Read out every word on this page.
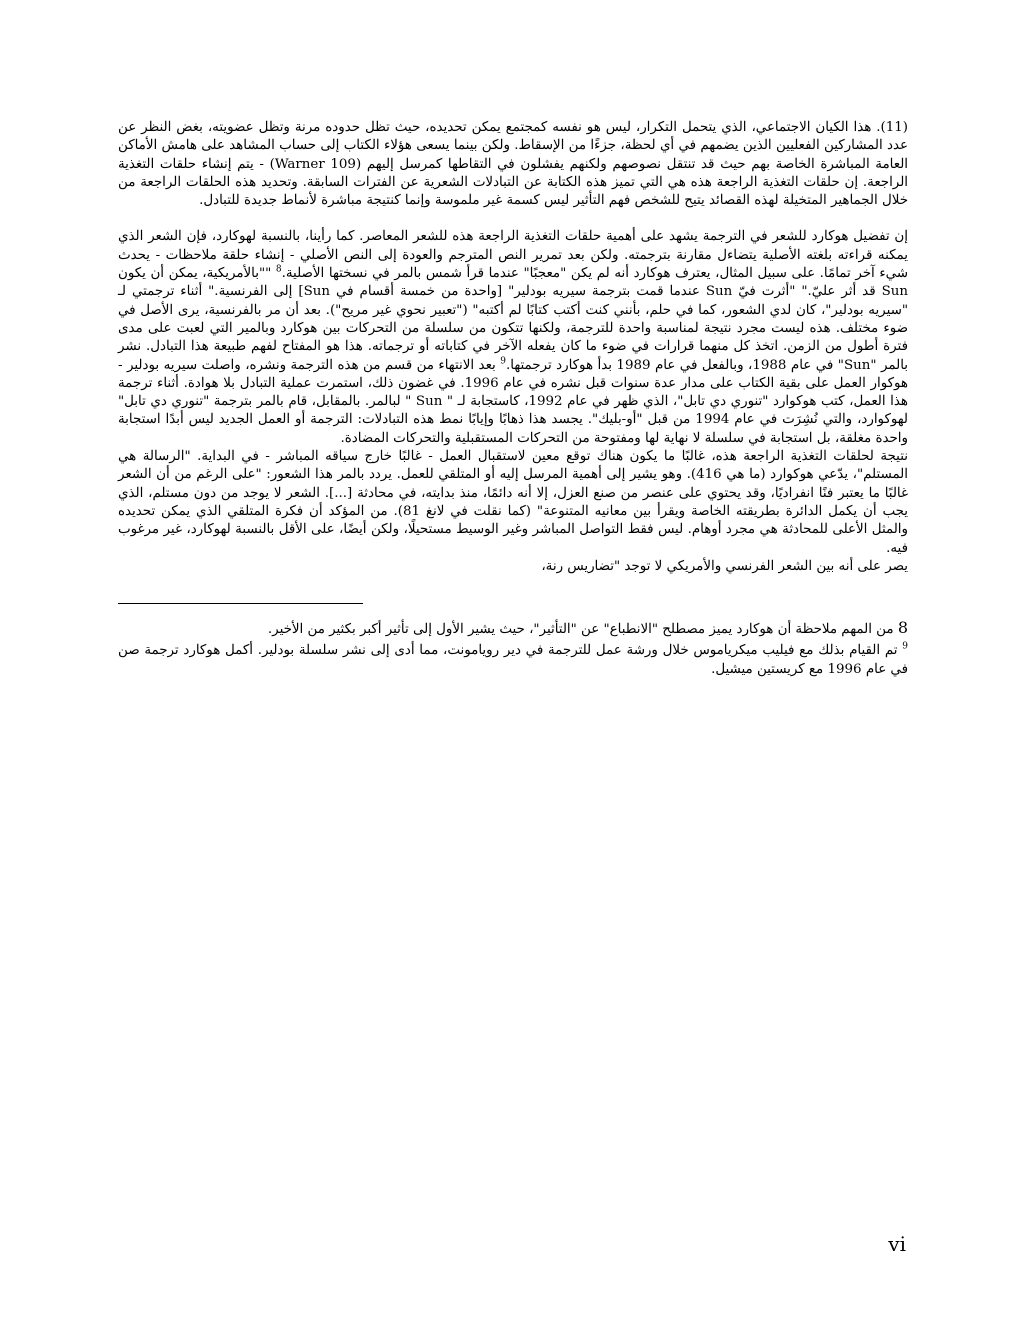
(11). هذا الكيان الاجتماعي، الذي يتحمل التكرار، ليس هو نفسه كمجتمع يمكن تحديده، حيث تظل حدوده مرنة وتظل عضويته، بغض النظر عن عدد المشاركين الفعليين الذين يضمهم في أي لحظة، جزءًا من الإسقاط. ولكن بينما يسعى هؤلاء الكتاب إلى حساب المشاهد على هامش الأماكن العامة المباشرة الخاصة بهم حيث قد تنتقل نصوصهم ولكنهم يفشلون في التقاطها كمرسل إليهم (Warner 109) - يتم إنشاء حلقات التغذية الراجعة. إن حلقات التغذية الراجعة هذه هي التي تميز هذه الكتابة عن التبادلات الشعرية عن الفترات السابقة. وتحديد هذه الحلقات الراجعة من خلال الجماهير المتخيلة لهذه القصائد يتيح للشخص فهم التأثير ليس كسمة غير ملموسة وإنما كنتيجة مباشرة لأنماط جديدة للتبادل.

إن تفضيل هوكارد للشعر في الترجمة يشهد على أهمية حلقات التغذية الراجعة هذه للشعر المعاصر. كما رأينا، بالنسبة لهوكارد، فإن الشعر الذي يمكنه قراءته بلغته الأصلية يتضاءل مقارنة بترجمته. ولكن بعد تمرير النص المترجم والعودة إلى النص الأصلي - إنشاء حلقة ملاحظات - يحدث شيء آخر تمامًا. على سبيل المثال، يعترف هوكارد أنه لم يكن "معجبًا" عندما قرأ شمس بالمر في نسختها الأصلية.$^8$ ""بالأمريكية، يمكن أن يكون Sun قد أثر عليّ." "أثرت فيّ Sun عندما قمت بترجمة سيريه بودلير" [واحدة من خمسة أقسام في Sun] إلى الفرنسية." أثناء ترجمتي لـ "سيريه بودلير"، كان لدي الشعور، كما في حلم، بأنني كنت أكتب كتابًا لم أكتبه" ("تعبير نحوي غير مريح"). بعد أن مر بالفرنسية، يرى الأصل في ضوء مختلف. هذه ليست مجرد نتيجة لمناسبة واحدة للترجمة، ولكنها تتكون من سلسلة من التحركات بين هوكارد وبالمير التي لعبت على مدى فترة أطول من الزمن. اتخذ كل منهما قرارات في ضوء ما كان يفعله الآخر في كتاباته أو ترجماته. هذا هو المفتاح لفهم طبيعة هذا التبادل. نشر بالمر "Sun" في عام 1988، وبالفعل في عام 1989 بدأ هوكارد ترجمتها.$^9$ بعد الانتهاء من قسم من هذه الترجمة ونشره، واصلت سيريه بودلير - هوكوار العمل على بقية الكتاب على مدار عدة سنوات قبل نشره في عام 1996. في غضون ذلك، استمرت عملية التبادل بلا هوادة. أثناء ترجمة هذا العمل، كتب هوكوارد "تنوري دي تابل"، الذي ظهر في عام 1992، كاستجابة لـ " Sun " لبالمر. بالمقابل، قام بالمر بترجمة "تنوري دي تابل" لهوكوارد، والتي نُشِرَت في عام 1994 من قبل "أو-بليك". يجسد هذا ذهابًا وإيابًا نمط هذه التبادلات: الترجمة أو العمل الجديد ليس أبدًا استجابة واحدة مغلقة، بل استجابة في سلسلة لا نهاية لها ومفتوحة من التحركات المستقبلية والتحركات المضادة.

نتيجة لحلقات التغذية الراجعة هذه، غالبًا ما يكون هناك توقع معين لاستقبال العمل - غالبًا خارج سياقه المباشر - في البداية. "الرسالة هي المستلم"، يدّعي هوكوارد (ما هي 416). وهو يشير إلى أهمية المرسل إليه أو المتلقي للعمل. يردد بالمر هذا الشعور: "على الرغم من أن الشعر غالبًا ما يعتبر فنًا انفراديًا، وقد يحتوي على عنصر من صنع العزل، إلا أنه دائمًا، منذ بدايته، في محادثة [...]. الشعر لا يوجد من دون مستلم، الذي يجب أن يكمل الدائرة بطريقته الخاصة ويقرأ بين معانيه المتنوعة" (كما نقلت في لانغ 81). من المؤكد أن فكرة المتلقي الذي يمكن تحديده والمثل الأعلى للمحادثة هي مجرد أوهام. ليس فقط التواصل المباشر وغير الوسيط مستحيلًا، ولكن أيضًا، على الأقل بالنسبة لهوكارد، غير مرغوب فيه.

يصر على أنه بين الشعر الفرنسي والأمريكي لا توجد "تضاريس رنة،

8 من المهم ملاحظة أن هوكارد يميز مصطلح "الانطباع" عن "التأثير"، حيث يشير الأول إلى تأثير أكبر بكثير من الأخير.

$^9$ تم القيام بذلك مع فيليب ميكرياموس خلال ورشة عمل للترجمة في دير رويامونت، مما أدى إلى نشر سلسلة بودلير. أكمل هوكارد ترجمة صن في عام 1996 مع كريستين ميشيل.

vi
